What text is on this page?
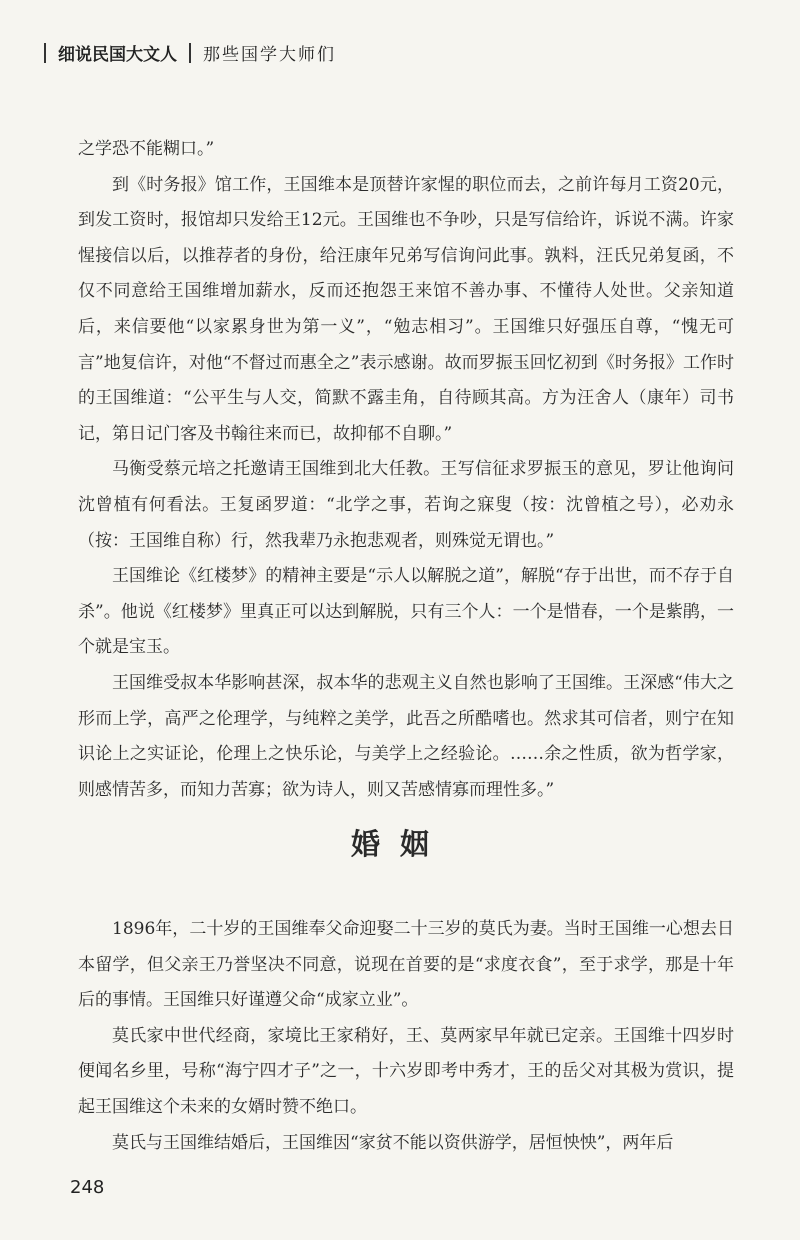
细说民国大文人 那些国学大师们

之学恐不能糊口。”

到《时务报》馆工作，王国维本是顶替许家惺的职位而去，之前许每月工资20元，到发工资时，报馆却只发给王12元。王国维也不争吵，只是写信给许，诉说不满。许家惺接信以后，以推荐者的身份，给汪康年兄弟写信询问此事。孰料，汪氏兄弟复函，不仅不同意给王国维增加薪水，反而还抱怨王来馆不善办事、不懂待人处世。父亲知道后，来信要他“以家累身世为第一义”，“勉志相习”。王国维只好强压自尊，“愧无可言”地复信许，对他“不督过而惠全之”表示感谢。故而罗振玉回忆初到《时务报》工作时的王国维道：“公平生与人交，简默不露圭角，自待顾其高。方为汪舍人（康年）司书记，第日记门客及书翰往来而已，故抑郁不自聊。”

马衡受蔡元培之托邀请王国维到北大任教。王写信征求罗振玉的意见，罗让他询问沈曾植有何看法。王复函罗道：“北学之事，若询之寐叟（按：沈曾植之号），必劝永（按：王国维自称）行，然我辈乃永抱悲观者，则殊觉无谓也。”

王国维论《红楼梦》的精神主要是“示人以解脱之道”，解脱“存于出世，而不存于自杀”。他说《红楼梦》里真正可以达到解脱，只有三个人：一个是惜春，一个是紫鹃，一个就是宝玉。

王国维受叔本华影响甚深，叔本华的悲观主义自然也影响了王国维。王深感“伟大之形而上学，高严之伦理学，与纯粹之美学，此吾之所酷嗜也。然求其可信者，则宁在知识论上之实证论，伦理上之快乐论，与美学上之经验论。……余之性质，欲为哲学家，则感情苦多，而知力苦寡；欲为诗人，则又苦感情寡而理性多。”

婚姻

1896年，二十岁的王国维奉父命迎娶二十三岁的莫氏为妻。当时王国维一心想去日本留学，但父亲王乃誉坚决不同意，说现在首要的是“求度衣食”，至于求学，那是十年后的事情。王国维只好谨遵父命“成家立业”。

莫氏家中世代经商，家境比王家稍好，王、莫两家早年就已定亲。王国维十四岁时便闻名乡里，号称“海宁四才子”之一，十六岁即考中秀才，王的岳父对其极为赏识，提起王国维这个未来的女婿时赞不绝口。

莫氏与王国维结婚后，王国维因“家贫不能以资供游学，居恒怏怏”，两年后

248
